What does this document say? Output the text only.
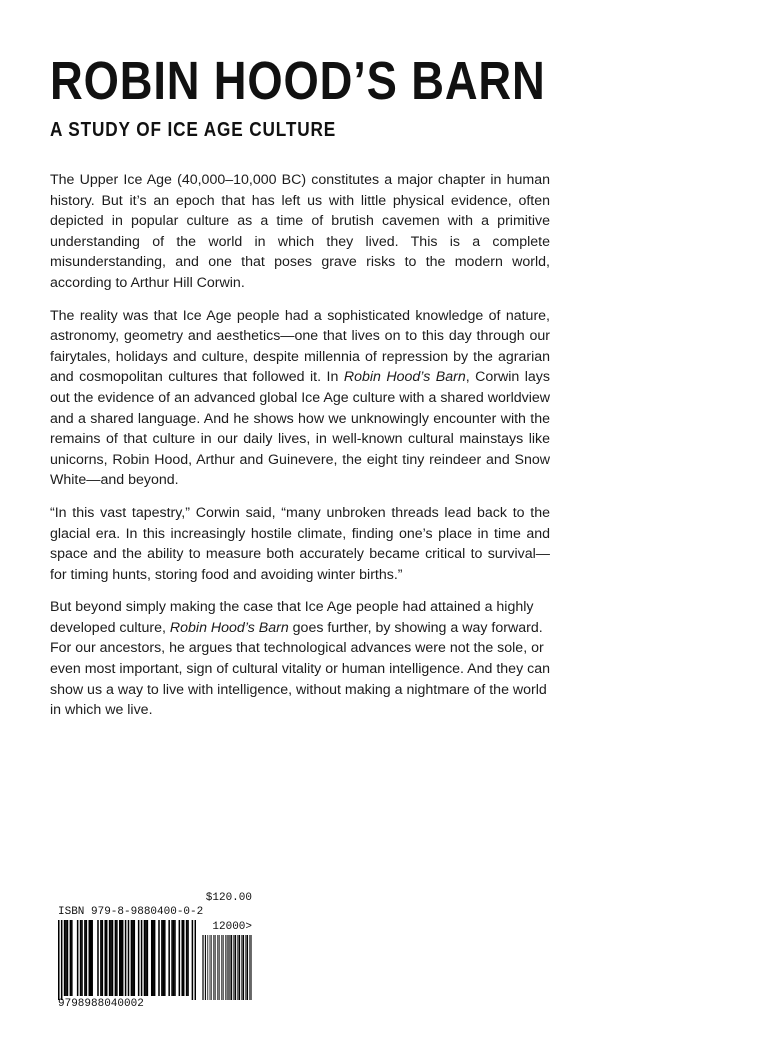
ROBIN HOOD’S BARN
A STUDY OF ICE AGE CULTURE

The Upper Ice Age (40,000–10,000 BC) constitutes a major chapter in human history. But it’s an epoch that has left us with little physical evidence, often depicted in popular culture as a time of brutish cavemen with a primitive understanding of the world in which they lived. This is a complete misunderstanding, and one that poses grave risks to the modern world, according to Arthur Hill Corwin.

The reality was that Ice Age people had a sophisticated knowledge of nature, astronomy, geometry and aesthetics—one that lives on to this day through our fairytales, holidays and culture, despite millennia of repression by the agrarian and cosmopolitan cultures that followed it. In Robin Hood’s Barn, Corwin lays out the evidence of an advanced global Ice Age culture with a shared worldview and a shared language. And he shows how we unknowingly encounter with the remains of that culture in our daily lives, in well-known cultural mainstays like unicorns, Robin Hood, Arthur and Guinevere, the eight tiny reindeer and Snow White—and beyond.

“In this vast tapestry,” Corwin said, “many unbroken threads lead back to the glacial era. In this increasingly hostile climate, finding one’s place in time and space and the ability to measure both accurately became critical to survival—for timing hunts, storing food and avoiding winter births.”

But beyond simply making the case that Ice Age people had attained a highly developed culture, Robin Hood’s Barn goes further, by showing a way forward. For our ancestors, he argues that technological advances were not the sole, or even most important, sign of cultural vitality or human intelligence. And they can show us a way to live with intelligence, without making a nightmare of the world in which we live.

$120.00
ISBN 979-8-9880400-0-2
12000>
9798988040002
